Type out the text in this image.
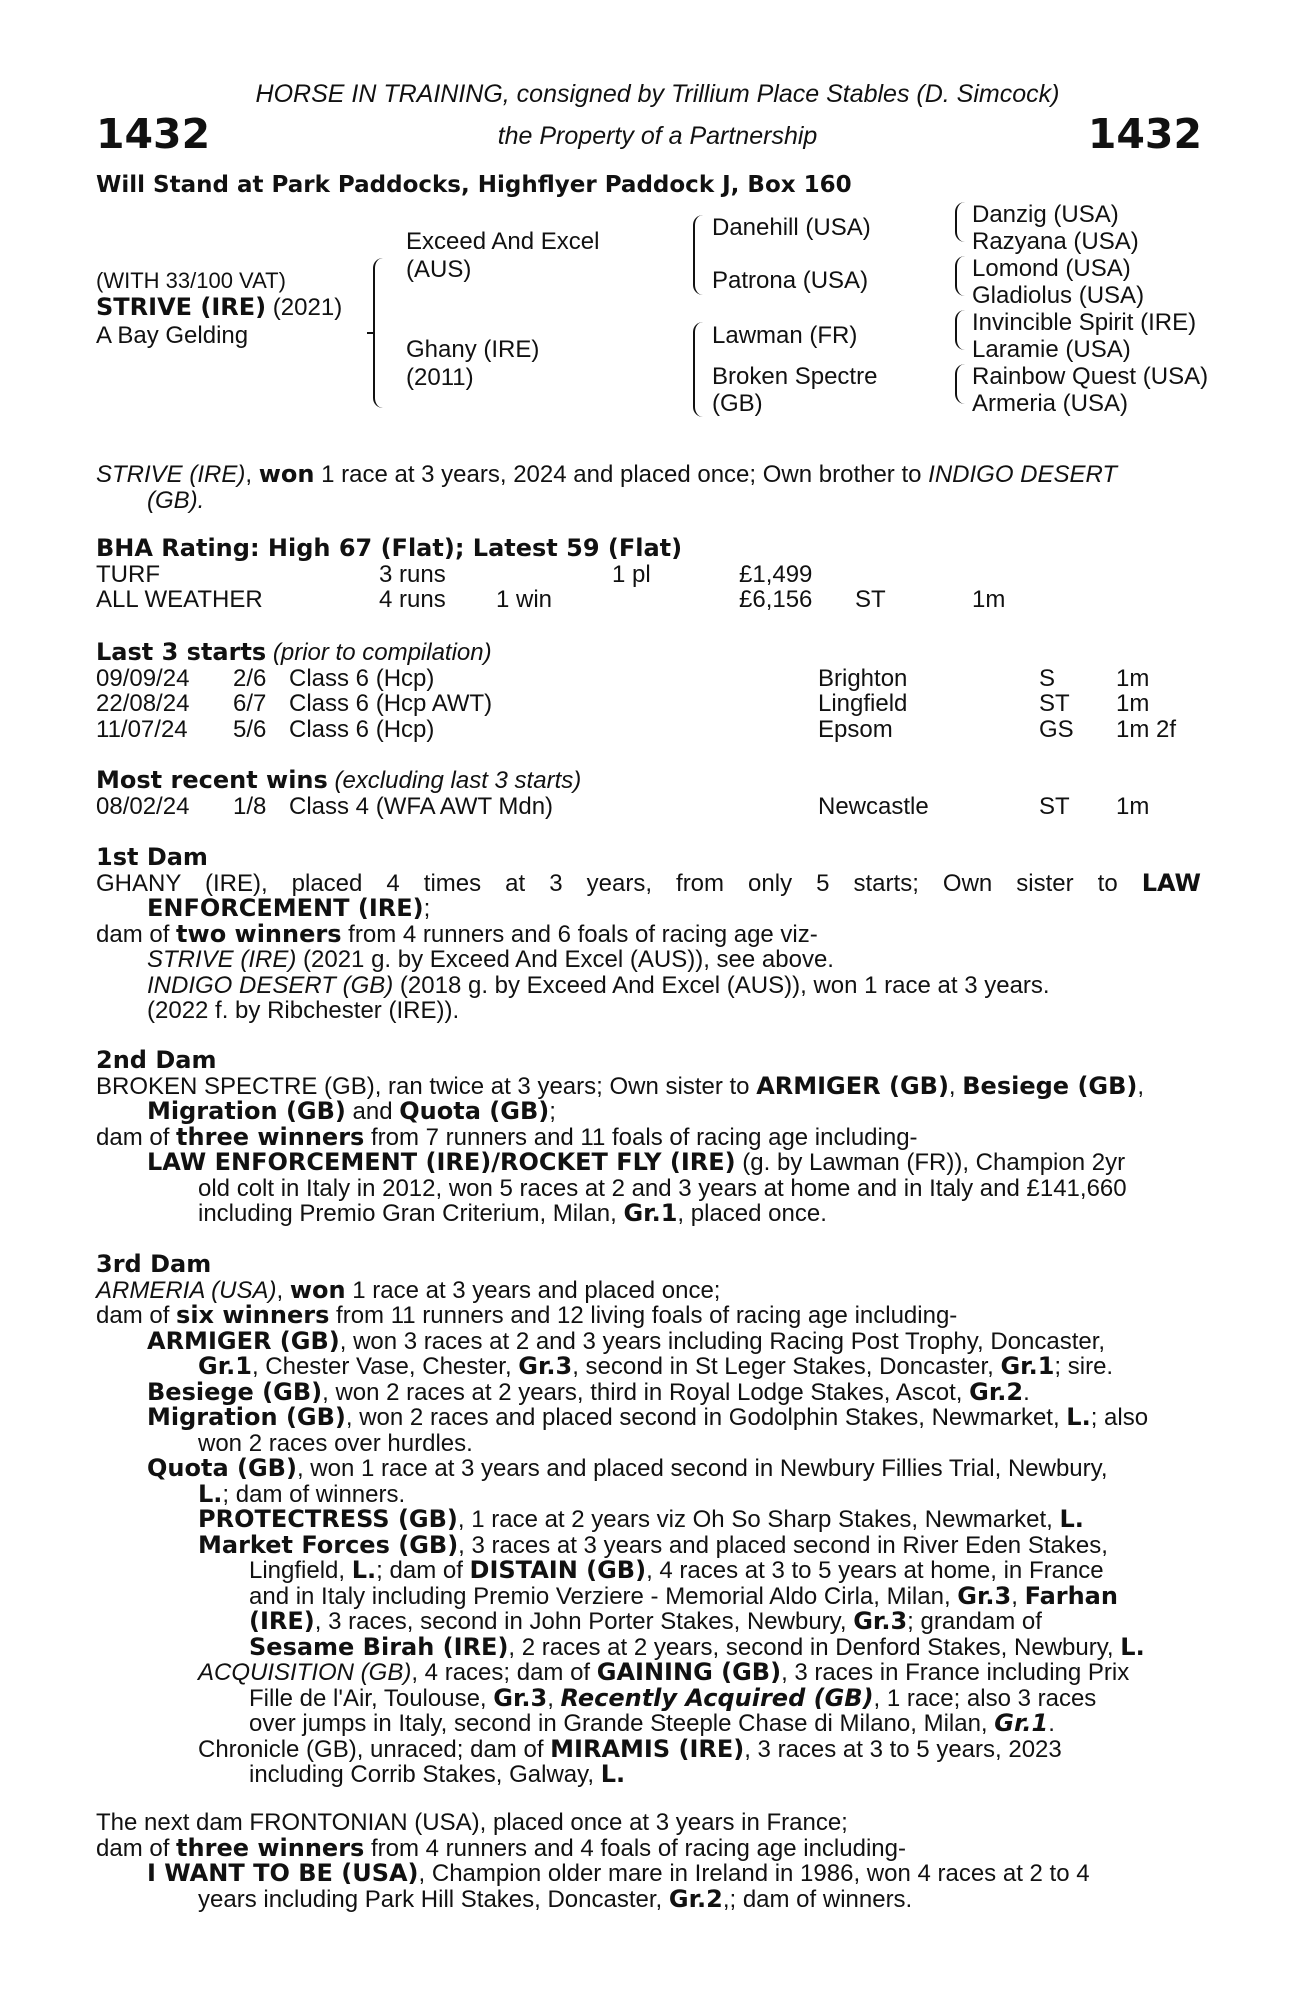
HORSE IN TRAINING, consigned by Trillium Place Stables (D. Simcock)
the Property of a Partnership
1432	1432
Will Stand at Park Paddocks, Highflyer Paddock J, Box 160
(WITH 33/100 VAT)
STRIVE (IRE) (2021)
A Bay Gelding
Exceed And Excel
(AUS)
Ghany (IRE)
(2011)
Danehill (USA)
Patrona (USA)
Lawman (FR)
Broken Spectre
(GB)
Danzig (USA)
Razyana (USA)
Lomond (USA)
Gladiolus (USA)
Invincible Spirit (IRE)
Laramie (USA)
Rainbow Quest (USA)
Armeria (USA)
STRIVE (IRE), won 1 race at 3 years, 2024 and placed once; Own brother to INDIGO DESERT
(GB).
BHA Rating: High 67 (Flat); Latest 59 (Flat)
TURF	3 runs	1 pl	£1,499
ALL WEATHER	4 runs 1 win	£6,156 ST	1m
Last 3 starts (prior to compilation)
09/09/24 2/6 Class 6 (Hcp)	Brighton	S	1m
22/08/24 6/7 Class 6 (Hcp AWT)	Lingfield	ST 1m
11/07/24 5/6 Class 6 (Hcp)	Epsom	GS 1m 2f
Most recent wins (excluding last 3 starts)
08/02/24 1/8 Class 4 (WFA AWT Mdn)	Newcastle	ST 1m
1st Dam
GHANY (IRE), placed 4 times at 3 years, from only 5 starts; Own sister to LAW
ENFORCEMENT (IRE);
dam of two winners from 4 runners and 6 foals of racing age viz-
STRIVE (IRE) (2021 g. by Exceed And Excel (AUS)), see above.
INDIGO DESERT (GB) (2018 g. by Exceed And Excel (AUS)), won 1 race at 3 years.
(2022 f. by Ribchester (IRE)).
2nd Dam
BROKEN SPECTRE (GB), ran twice at 3 years; Own sister to ARMIGER (GB), Besiege (GB),
Migration (GB) and Quota (GB);
dam of three winners from 7 runners and 11 foals of racing age including-
LAW ENFORCEMENT (IRE)/ROCKET FLY (IRE) (g. by Lawman (FR)), Champion 2yr
old colt in Italy in 2012, won 5 races at 2 and 3 years at home and in Italy and £141,660
including Premio Gran Criterium, Milan, Gr.1, placed once.
3rd Dam
ARMERIA (USA), won 1 race at 3 years and placed once;
dam of six winners from 11 runners and 12 living foals of racing age including-
ARMIGER (GB), won 3 races at 2 and 3 years including Racing Post Trophy, Doncaster,
Gr.1, Chester Vase, Chester, Gr.3, second in St Leger Stakes, Doncaster, Gr.1; sire.
Besiege (GB), won 2 races at 2 years, third in Royal Lodge Stakes, Ascot, Gr.2.
Migration (GB), won 2 races and placed second in Godolphin Stakes, Newmarket, L.; also
won 2 races over hurdles.
Quota (GB), won 1 race at 3 years and placed second in Newbury Fillies Trial, Newbury,
L.; dam of winners.
PROTECTRESS (GB), 1 race at 2 years viz Oh So Sharp Stakes, Newmarket, L.
Market Forces (GB), 3 races at 3 years and placed second in River Eden Stakes,
Lingfield, L.; dam of DISTAIN (GB), 4 races at 3 to 5 years at home, in France
and in Italy including Premio Verziere - Memorial Aldo Cirla, Milan, Gr.3, Farhan
(IRE), 3 races, second in John Porter Stakes, Newbury, Gr.3; grandam of
Sesame Birah (IRE), 2 races at 2 years, second in Denford Stakes, Newbury, L.
ACQUISITION (GB), 4 races; dam of GAINING (GB), 3 races in France including Prix
Fille de l'Air, Toulouse, Gr.3, Recently Acquired (GB), 1 race; also 3 races
over jumps in Italy, second in Grande Steeple Chase di Milano, Milan, Gr.1.
Chronicle (GB), unraced; dam of MIRAMIS (IRE), 3 races at 3 to 5 years, 2023
including Corrib Stakes, Galway, L.
The next dam FRONTONIAN (USA), placed once at 3 years in France;
dam of three winners from 4 runners and 4 foals of racing age including-
I WANT TO BE (USA), Champion older mare in Ireland in 1986, won 4 races at 2 to 4
years including Park Hill Stakes, Doncaster, Gr.2,; dam of winners.
